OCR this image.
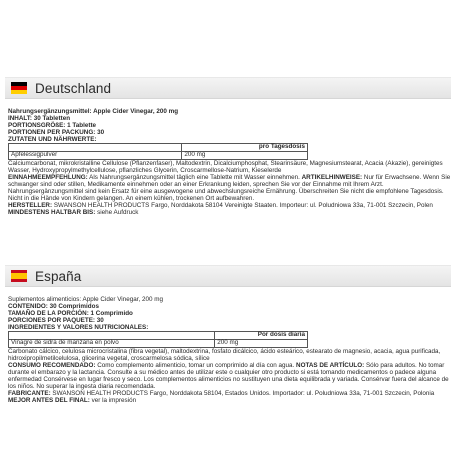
Deutschland

Nahrungsergänzungsmittel: Apple Cider Vinegar, 200 mg

INHALT: 30 Tabletten

PORTIONSGRÖßE: 1 Tablette

PORTIONEN PER PACKUNG: 30

ZUTATEN UND NÄHRWERTE:

	pro Tagesdosis
Apfelessigpulver	200 mg

Calciumcarbonat, mikrokristalline Cellulose (Pflanzenfaser), Maltodextrin, Dicalciumphosphat, Stearinsäure, Magnesiumstearat, Acacia (Akazie), gereinigtes Wasser, Hydroxypropylmethylcellulose, pflanzliches Glycerin, Croscarmellose-Natrium, Kieselerde

EINNAHMEEMPFEHLUNG: Als Nahrungsergänzungsmittel täglich eine Tablette mit Wasser einnehmen. ARTIKELHINWEISE: Nur für Erwachsene. Wenn Sie schwanger sind oder stillen, Medikamente einnehmen oder an einer Erkrankung leiden, sprechen Sie vor der Einnahme mit Ihrem Arzt. Nahrungsergänzungsmittel sind kein Ersatz für eine ausgewogene und abwechslungsreiche Ernährung. Überschreiten Sie nicht die empfohlene Tagesdosis. Nicht in die Hände von Kindern gelangen. An einem kühlen, trockenen Ort aufbewahren.

HERSTELLER: SWANSON HEALTH PRODUCTS Fargo, Norddakota 58104 Vereinigte Staaten. Importeur: ul. Poludniowa 33a, 71-001 Szczecin, Polen

MINDESTENS HALTBAR BIS: siehe Aufdruck

España

Suplementos alimenticios: Apple Cider Vinegar, 200 mg

CONTENIDO: 30 Comprimidos

TAMAÑO DE LA PORCIÓN: 1 Comprimido

PORCIONES POR PAQUETE: 30

INGREDIENTES Y VALORES NUTRICIONALES:

	Por dosis diaria
Vinagre de sidra de manzana en polvo	200 mg

Carbonato cálcico, celulosa microcristalina (fibra vegetal), maltodextrina, fosfato dicálcico, ácido esteárico, estearato de magnesio, acacia, agua purificada, hidroxipropilmetilcelulosa, glicerina vegetal, croscarmelosa sódica, sílice

CONSUMO RECOMENDADO: Como complemento alimenticio, tomar un comprimido al día con agua. NOTAS DE ARTÍCULO: Sólo para adultos. No tomar durante el embarazo y la lactancia. Consulte a su médico antes de utilizar este o cualquier otro producto si está tomando medicamentos o padece alguna enfermedad Consérvese en lugar fresco y seco. Los complementos alimenticios no sustituyen una dieta equilibrada y variada. Consérvar fuera del alcance de los niños. No superar la ingesta diaria recomendada.

FABRICANTE: SWANSON HEALTH PRODUCTS Fargo, Norddakota 58104, Estados Unidos. Importador: ul. Poludniowa 33a, 71-001 Szczecin, Polonia

MEJOR ANTES DEL FINAL: ver la impresión
